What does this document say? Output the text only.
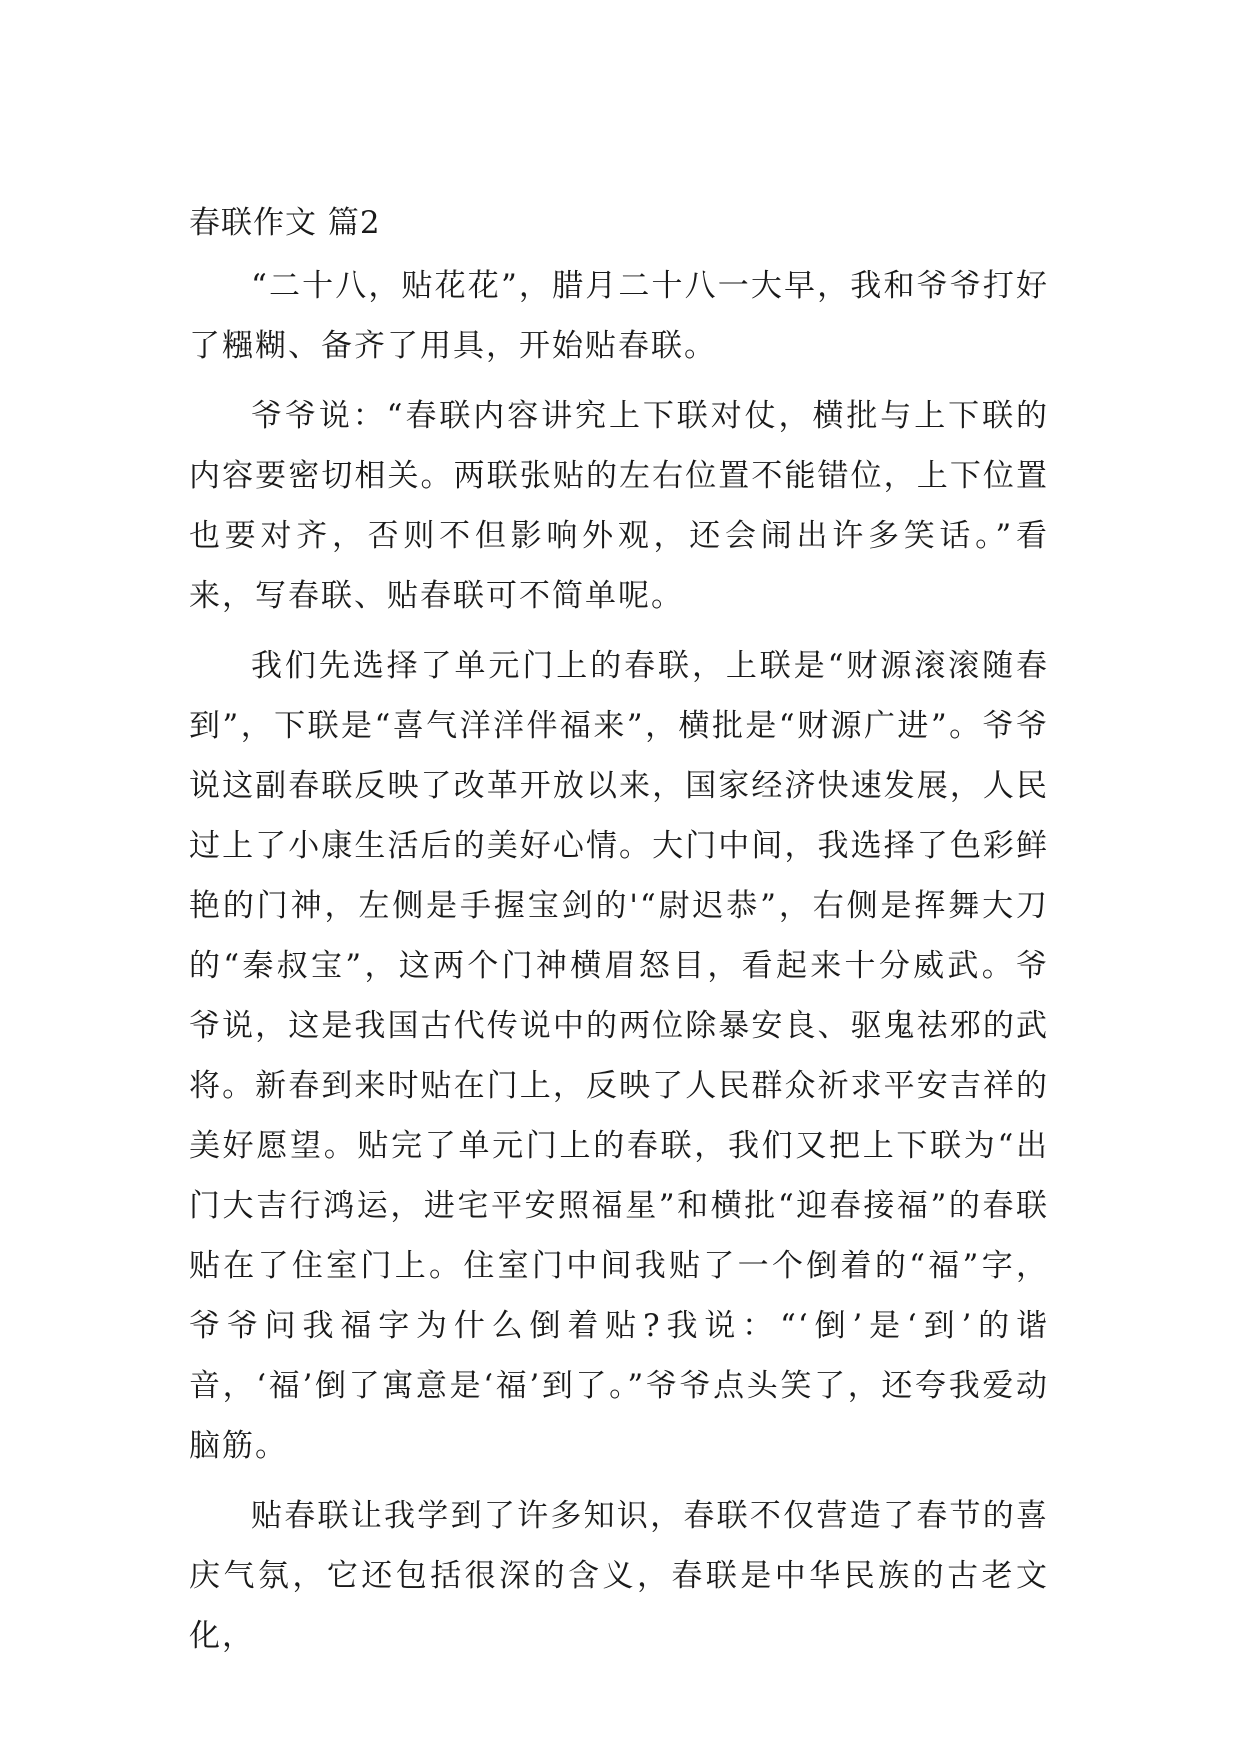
春联作文 篇2

“二十八，贴花花”，腊月二十八一大早，我和爷爷打好了糨糊、备齐了用具，开始贴春联。

爷爷说：“春联内容讲究上下联对仗，横批与上下联的内容要密切相关。两联张贴的左右位置不能错位，上下位置也要对齐，否则不但影响外观，还会闹出许多笑话。”看来，写春联、贴春联可不简单呢。

我们先选择了单元门上的春联，上联是“财源滚滚随春到”，下联是“喜气洋洋伴福来”，横批是“财源广进”。爷爷说这副春联反映了改革开放以来，国家经济快速发展，人民过上了小康生活后的美好心情。大门中间，我选择了色彩鲜艳的门神，左侧是手握宝剑的'“尉迟恭”，右侧是挥舞大刀的“秦叔宝”，这两个门神横眉怒目，看起来十分威武。爷爷说，这是我国古代传说中的两位除暴安良、驱鬼祛邪的武将。新春到来时贴在门上，反映了人民群众祈求平安吉祥的美好愿望。贴完了单元门上的春联，我们又把上下联为“出门大吉行鸿运，进宅平安照福星”和横批“迎春接福”的春联贴在了住室门上。住室门中间我贴了一个倒着的“福”字，爷爷问我福字为什么倒着贴?我说：“‘倒’是‘到’的谐音，‘福’倒了寓意是‘福’到了。”爷爷点头笑了，还夸我爱动脑筋。

贴春联让我学到了许多知识，春联不仅营造了春节的喜庆气氛，它还包括很深的含义，春联是中华民族的古老文化，
